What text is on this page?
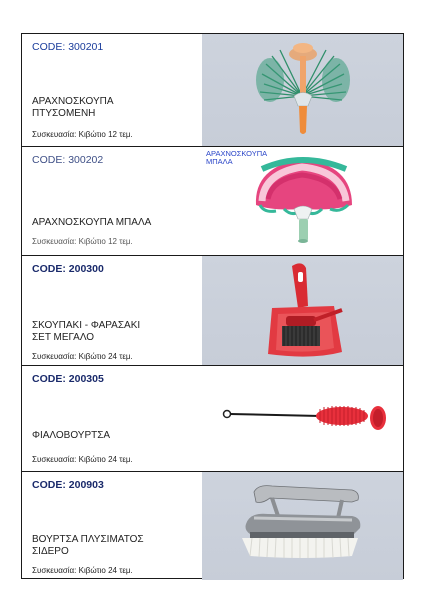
CODE: 300201
ΑΡΑΧΝΟΣΚΟΥΠΑ
ΠΤΥΣΟΜΕΝΗ
Συσκευασία: Κιβώτιο 12 τεμ.
CODE: 300202
ΑΡΑΧΝΟΣΚΟΥΠΑ ΜΠΑΛΑ
Συσκευασία: Κιβώτιο 12 τεμ.
ΑΡΑΧΝΟΣΚΟΥΠΑ
ΜΠΑΛΑ
CODE: 200300
ΣΚΟΥΠΑΚΙ - ΦΑΡΑΣΑΚΙ
ΣΕΤ ΜΕΓΑΛΟ
Συσκευασία: Κιβώτιο 24 τεμ.
CODE: 200305
ΦΙΑΛΟΒΟΥΡΤΣΑ
Συσκευασία: Κιβώτιο 24 τεμ.
CODE: 200903
ΒΟΥΡΤΣΑ ΠΛΥΣΙΜΑΤΟΣ
ΣΙΔΕΡΟ
Συσκευασία: Κιβώτιο 24 τεμ.
